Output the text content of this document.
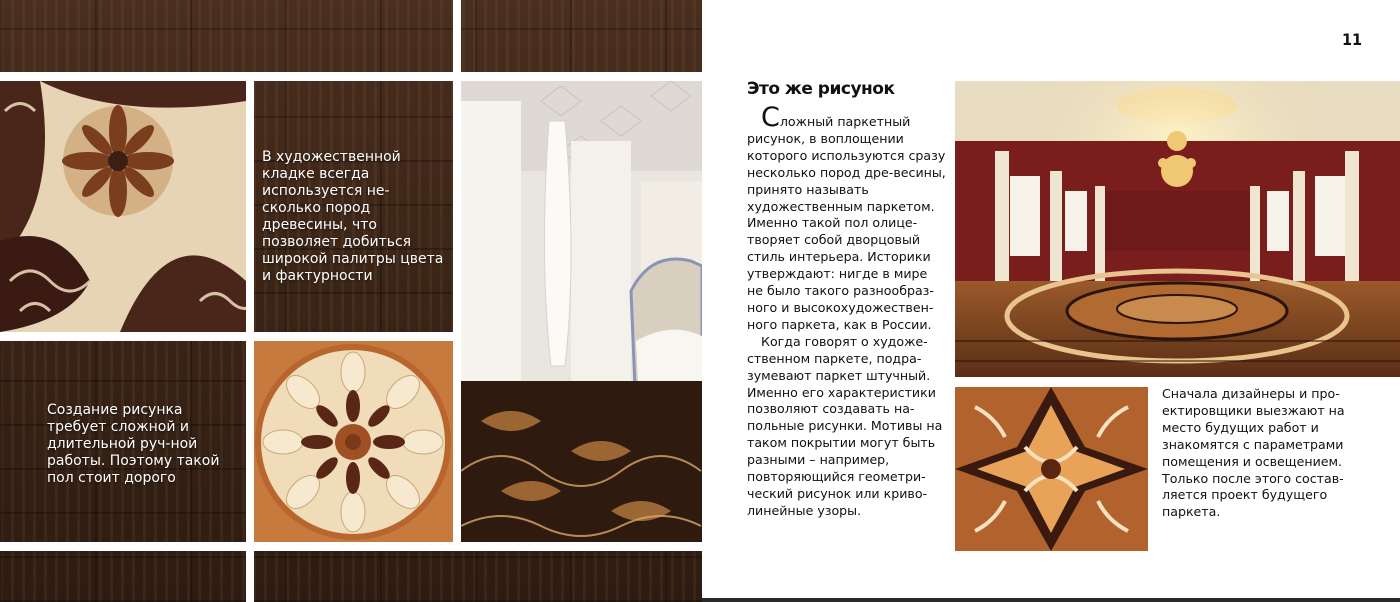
В художественной кладке всегда используется не-сколько пород древесины, что позволяет добиться широкой палитры цвета и фактурности
Создание рисунка требует сложной и длительной руч-ной работы. Поэтому такой пол стоит дорого
11
Это же рисунок

Сложный паркетный рисунок, в воплощении которого используются сразу несколько пород дре-весины, принято называть художественным паркетом. Именно такой пол олице-творяет собой дворцовый стиль интерьера. Историки утверждают: нигде в мире не было такого разнообраз-ного и высокохудожествен-ного паркета, как в России.

Когда говорят о художе-ственном паркете, подра-зумевают паркет штучный. Именно его характеристики позволяют создавать на-польные рисунки. Мотивы на таком покрытии могут быть разными – например, повторяющийся геометри-ческий рисунок или криво-линейные узоры.

Сначала дизайнеры и про-ектировщики выезжают на место будущих работ и знакомятся с параметрами помещения и освещением. Только после этого состав-ляется проект будущего паркета.
